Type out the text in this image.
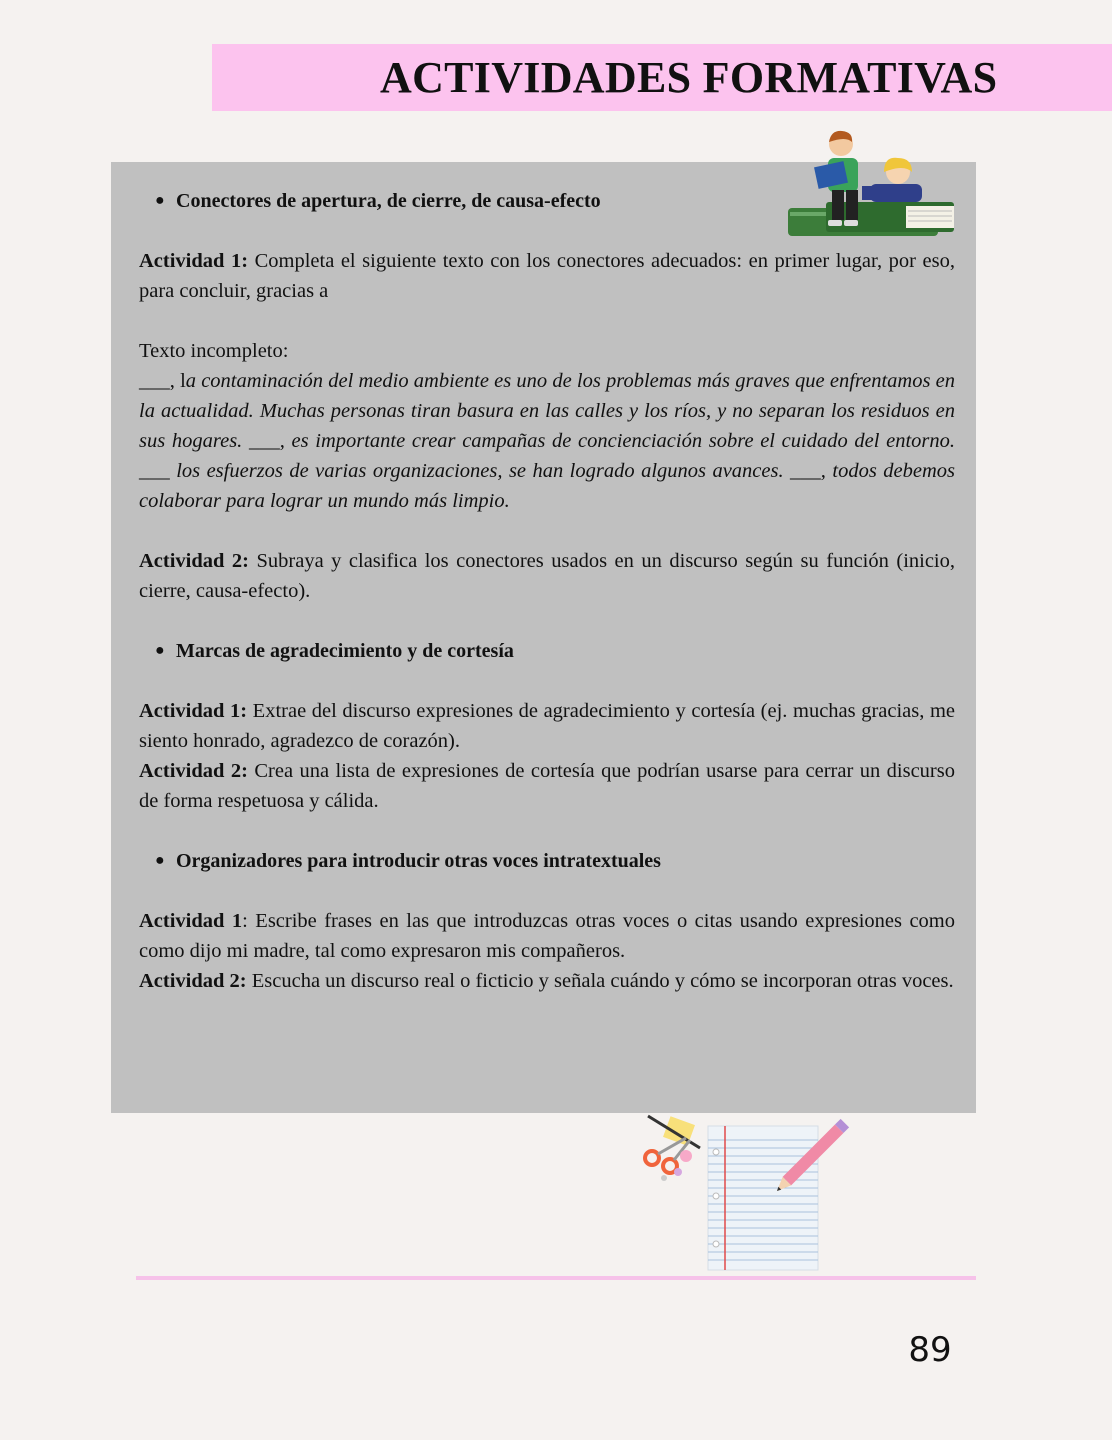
ACTIVIDADES FORMATIVAS
● Conectores de apertura, de cierre, de causa-efecto

Actividad 1: Completa el siguiente texto con los conectores adecuados: en primer lugar, por eso, para concluir, gracias a

Texto incompleto:

___, la contaminación del medio ambiente es uno de los problemas más graves que enfrentamos en la actualidad. Muchas personas tiran basura en las calles y los ríos, y no separan los residuos en sus hogares. ___, es importante crear campañas de concienciación sobre el cuidado del entorno. ___ los esfuerzos de varias organizaciones, se han logrado algunos avances. ___, todos debemos colaborar para lograr un mundo más limpio.

Actividad 2: Subraya y clasifica los conectores usados en un discurso según su función (inicio, cierre, causa-efecto).

● Marcas de agradecimiento y de cortesía

Actividad 1: Extrae del discurso expresiones de agradecimiento y cortesía (ej. muchas gracias, me siento honrado, agradezco de corazón).

Actividad 2: Crea una lista de expresiones de cortesía que podrían usarse para cerrar un discurso de forma respetuosa y cálida.

● Organizadores para introducir otras voces intratextuales

Actividad 1: Escribe frases en las que introduzcas otras voces o citas usando expresiones como como dijo mi madre, tal como expresaron mis compañeros.

Actividad 2: Escucha un discurso real o ficticio y señala cuándo y cómo se incorporan otras voces.

89
